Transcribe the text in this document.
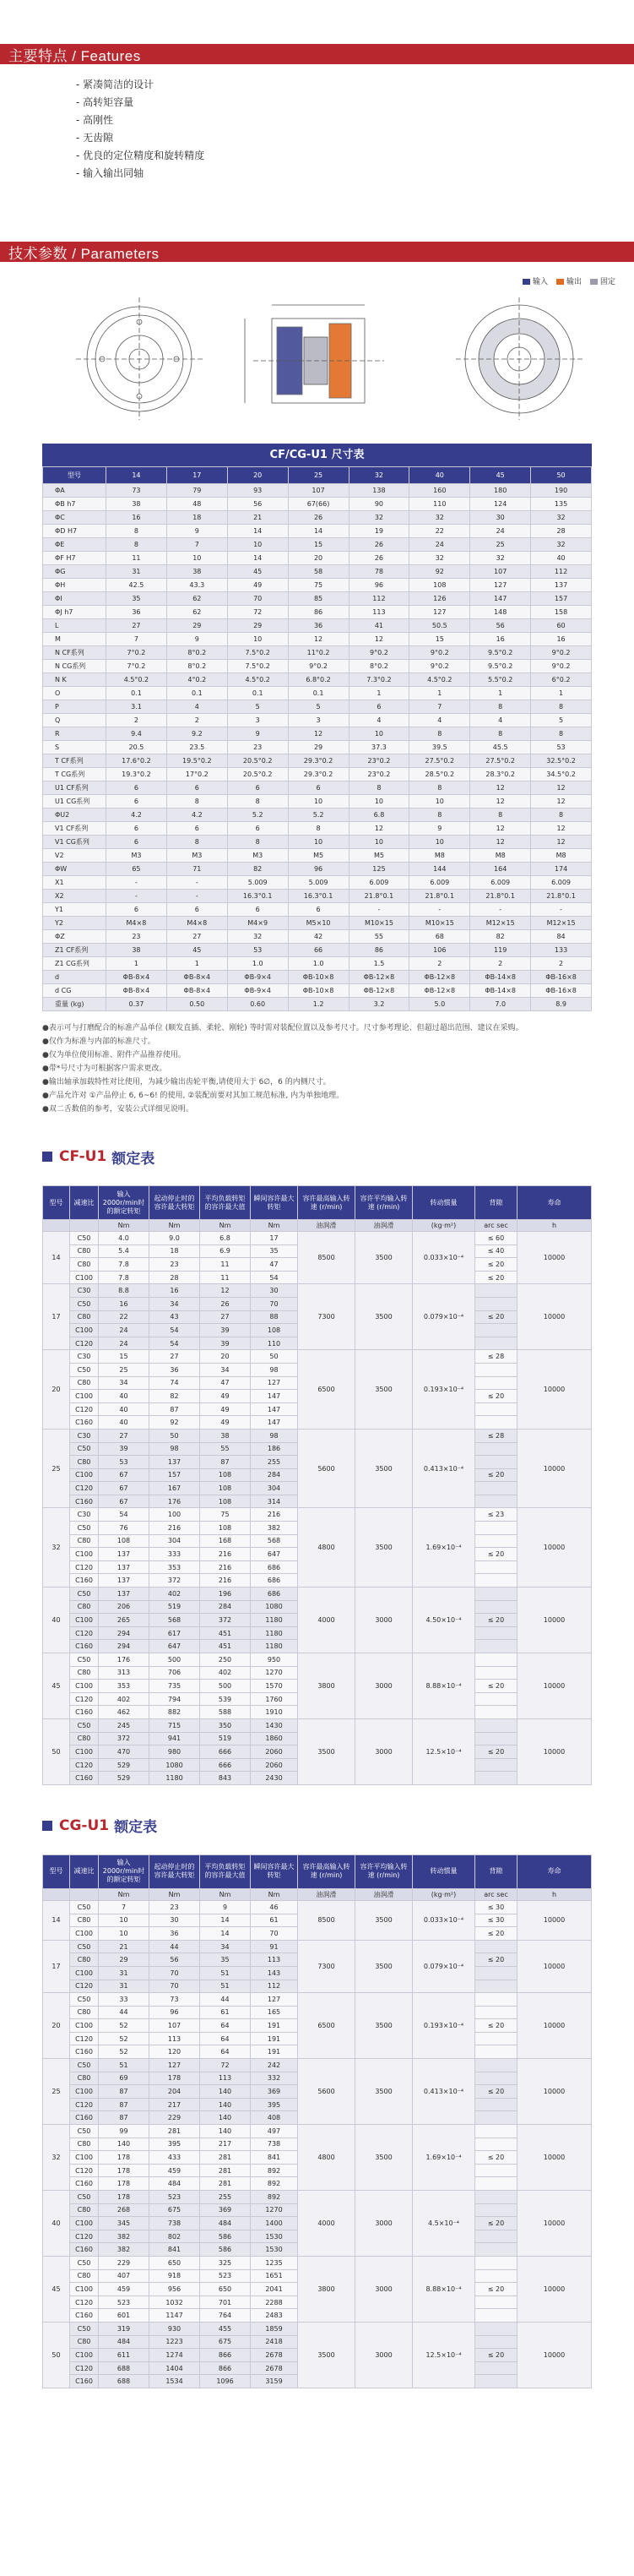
主要特点 / Features
- 紧凑简洁的设计
- 高转矩容量
- 高刚性
- 无齿隙
- 优良的定位精度和旋转精度
- 输入输出同轴
技术参数 / Parameters
输入	输出	固定
CF/CG-U1 尺寸表
型号	14	17	20	25	32	40	45	50
ΦA	73	79	93	107	138	160	180	190
ΦB h7	38	48	56	67(66)	90	110	124	135
ΦC	16	18	21	26	32	32	30	32
ΦD H7	8	9	14	14	19	22	24	28
ΦE	8	7	10	15	26	24	25	32
ΦF H7	11	10	14	20	26	32	32	40
ΦG	31	38	45	58	78	92	107	112
ΦH	42.5	43.3	49	75	96	108	127	137
ΦI	35	62	70	85	112	126	147	157
ΦJ h7	36	62	72	86	113	127	148	158
L	27	29	29	36	41	50.5	56	60
M	7	9	10	12	12	15	16	16
N CF系列	7°0.2	8°0.2	7.5°0.2	11°0.2	9°0.2	9°0.2	9.5°0.2	9°0.2
N CG系列	7°0.2	8°0.2	7.5°0.2	9°0.2	8°0.2	9°0.2	9.5°0.2	9°0.2
N K	4.5°0.2	4°0.2	4.5°0.2	6.8°0.2	7.3°0.2	4.5°0.2	5.5°0.2	6°0.2
O	0.1	0.1	0.1	0.1	1	1	1	1
P	3.1	4	5	5	6	7	8	8
Q	2	2	3	3	4	4	4	5
R	9.4	9.2	9	12	10	8	8	8
S	20.5	23.5	23	29	37.3	39.5	45.5	53
T CF系列	17.6°0.2	19.5°0.2	20.5°0.2	29.3°0.2	23°0.2	27.5°0.2	27.5°0.2	32.5°0.2
T CG系列	19.3°0.2	17°0.2	20.5°0.2	29.3°0.2	23°0.2	28.5°0.2	28.3°0.2	34.5°0.2
U1 CF系列	6	6	6	6	8	8	12	12
U1 CG系列	6	8	8	10	10	10	12	12
ΦU2	4.2	4.2	5.2	5.2	6.8	8	8	8
V1 CF系列	6	6	6	8	12	9	12	12
V1 CG系列	6	8	8	10	10	10	12	12
V2	M3	M3	M3	M5	M5	M8	M8	M8
ΦW	65	71	82	96	125	144	164	174
X1	-	-	5.009	5.009	6.009	6.009	6.009	6.009
X2	-	-	16.3°0.1	16.3°0.1	21.8°0.1	21.8°0.1	21.8°0.1	21.8°0.1
Y1	6	6	6	6	-	-	-	-
Y2	M4×8	M4×8	M4×9	M5×10	M10×15	M10×15	M12×15	M12×15
ΦZ	23	27	32	42	55	68	82	84
Z1 CF系列	38	45	53	66	86	106	119	133
Z1 CG系列	1	1	1.0	1.0	1.5	2	2	2
d	ΦB-8×4	ΦB-8×4	ΦB-9×4	ΦB-10×8	ΦB-12×8	ΦB-12×8	ΦB-14×8	ΦB-16×8
d CG	ΦB-8×4	ΦB-8×4	ΦB-9×4	ΦB-10×8	ΦB-12×8	ΦB-12×8	ΦB-14×8	ΦB-16×8
重量 (kg)	0.37	0.50	0.60	1.2	3.2	5.0	7.0	8.9
●表示可与打磨配合的标准产品单位 (顺发直插、柔轮、刚轮) 等时需对装配位置以及参考尺寸。尺寸参考理论、但超过超出范围、建议在采购。
●仅作为标准与内部的标准尺寸。
●仅为单位使用标准、附件产品推荐使用。
●带*号尺寸为可根据客户需求更改。
●输出轴承加载特性对比使用，为减少输出齿轮平衡,请使用大于 6∅，6 的内侧尺寸。
●产品允许对 ①产品停止 6, 6~6! 的使用, ②装配前要对其加工规范标准, 内为单独地理。
●双二舌数值的参考，安装公式详细见说明。
CF-U1 额定表
型号	减速比	输入2000r/min时的额定转矩	起动停止时的容许最大转矩	平均负载转矩的容许最大值	瞬间容许最大转矩	容许最高输入转速 (r/min)	容许平均输入转速 (r/min)	转动惯量	背隙	寿命
		Nm	Nm	Nm	Nm	油润滑	油润滑	(kg·m²)	arc sec	h
14	C50	4.0	9.0	6.8	17	8500	3500	0.033×10⁻⁴	≤ 60	10000
	C80	5.4	18	6.9	35				≤ 40	
	C80	7.8	23	11	47				≤ 20	
	C100	7.8	28	11	54				≤ 20	
17	C30	8.8	16	12	30	7300	3500	0.079×10⁻⁴		10000
	C50	16	34	26	70					
	C80	22	43	27	88				≤ 20	
	C100	24	54	39	108					
	C120	24	54	39	110					
20	C30	15	27	20	50	6500	3500	0.193×10⁻⁴	≤ 28	10000
	C50	25	36	34	98					
	C80	34	74	47	127					
	C100	40	82	49	147				≤ 20	
	C120	40	87	49	147					
	C160	40	92	49	147					
25	C30	27	50	38	98	5600	3500	0.413×10⁻⁴	≤ 28	10000
	C50	39	98	55	186					
	C80	53	137	87	255					
	C100	67	157	108	284				≤ 20	
	C120	67	167	108	304					
	C160	67	176	108	314					
32	C30	54	100	75	216	4800	3500	1.69×10⁻⁴	≤ 23	10000
	C50	76	216	108	382					
	C80	108	304	168	568					
	C100	137	333	216	647				≤ 20	
	C120	137	353	216	686					
	C160	137	372	216	686					
40	C50	137	402	196	686	4000	3000	4.50×10⁻⁴		10000
	C80	206	519	284	1080					
	C100	265	568	372	1180				≤ 20	
	C120	294	617	451	1180					
	C160	294	647	451	1180					
45	C50	176	500	250	950	3800	3000	8.88×10⁻⁴		10000
	C80	313	706	402	1270					
	C100	353	735	500	1570				≤ 20	
	C120	402	794	539	1760					
	C160	462	882	588	1910					
50	C50	245	715	350	1430	3500	3000	12.5×10⁻⁴		10000
	C80	372	941	519	1860					
	C100	470	980	666	2060				≤ 20	
	C120	529	1080	666	2060					
	C160	529	1180	843	2430					
CG-U1 额定表
型号	减速比	输入2000r/min时的额定转矩	起动停止时的容许最大转矩	平均负载转矩的容许最大值	瞬间容许最大转矩	容许最高输入转速 (r/min)	容许平均输入转速 (r/min)	转动惯量	背隙	寿命
		Nm	Nm	Nm	Nm	油润滑	油润滑	(kg·m²)	arc sec	h
14	C50	7	23	9	46	8500	3500	0.033×10⁻⁴	≤ 30	10000
	C80	10	30	14	61				≤ 30	
	C100	10	36	14	70				≤ 20	
17	C50	21	44	34	91	7300	3500	0.079×10⁻⁴		10000
	C80	29	56	35	113				≤ 20	
	C100	31	70	51	143					
	C120	31	70	51	112					
20	C50	33	73	44	127	6500	3500	0.193×10⁻⁴		10000
	C80	44	96	61	165					
	C100	52	107	64	191				≤ 20	
	C120	52	113	64	191					
	C160	52	120	64	191					
25	C50	51	127	72	242	5600	3500	0.413×10⁻⁴		10000
	C80	69	178	113	332					
	C100	87	204	140	369				≤ 20	
	C120	87	217	140	395					
	C160	87	229	140	408					
32	C50	99	281	140	497	4800	3500	1.69×10⁻⁴		10000
	C80	140	395	217	738					
	C100	178	433	281	841				≤ 20	
	C120	178	459	281	892					
	C160	178	484	281	892					
40	C50	178	523	255	892	4000	3000	4.5×10⁻⁴		10000
	C80	268	675	369	1270					
	C100	345	738	484	1400				≤ 20	
	C120	382	802	586	1530					
	C160	382	841	586	1530					
45	C50	229	650	325	1235	3800	3000	8.88×10⁻⁴		10000
	C80	407	918	523	1651					
	C100	459	956	650	2041				≤ 20	
	C120	523	1032	701	2288					
	C160	601	1147	764	2483					
50	C50	319	930	455	1859	3500	3000	12.5×10⁻⁴		10000
	C80	484	1223	675	2418					
	C100	611	1274	866	2678				≤ 20	
	C120	688	1404	866	2678					
	C160	688	1534	1096	3159					
